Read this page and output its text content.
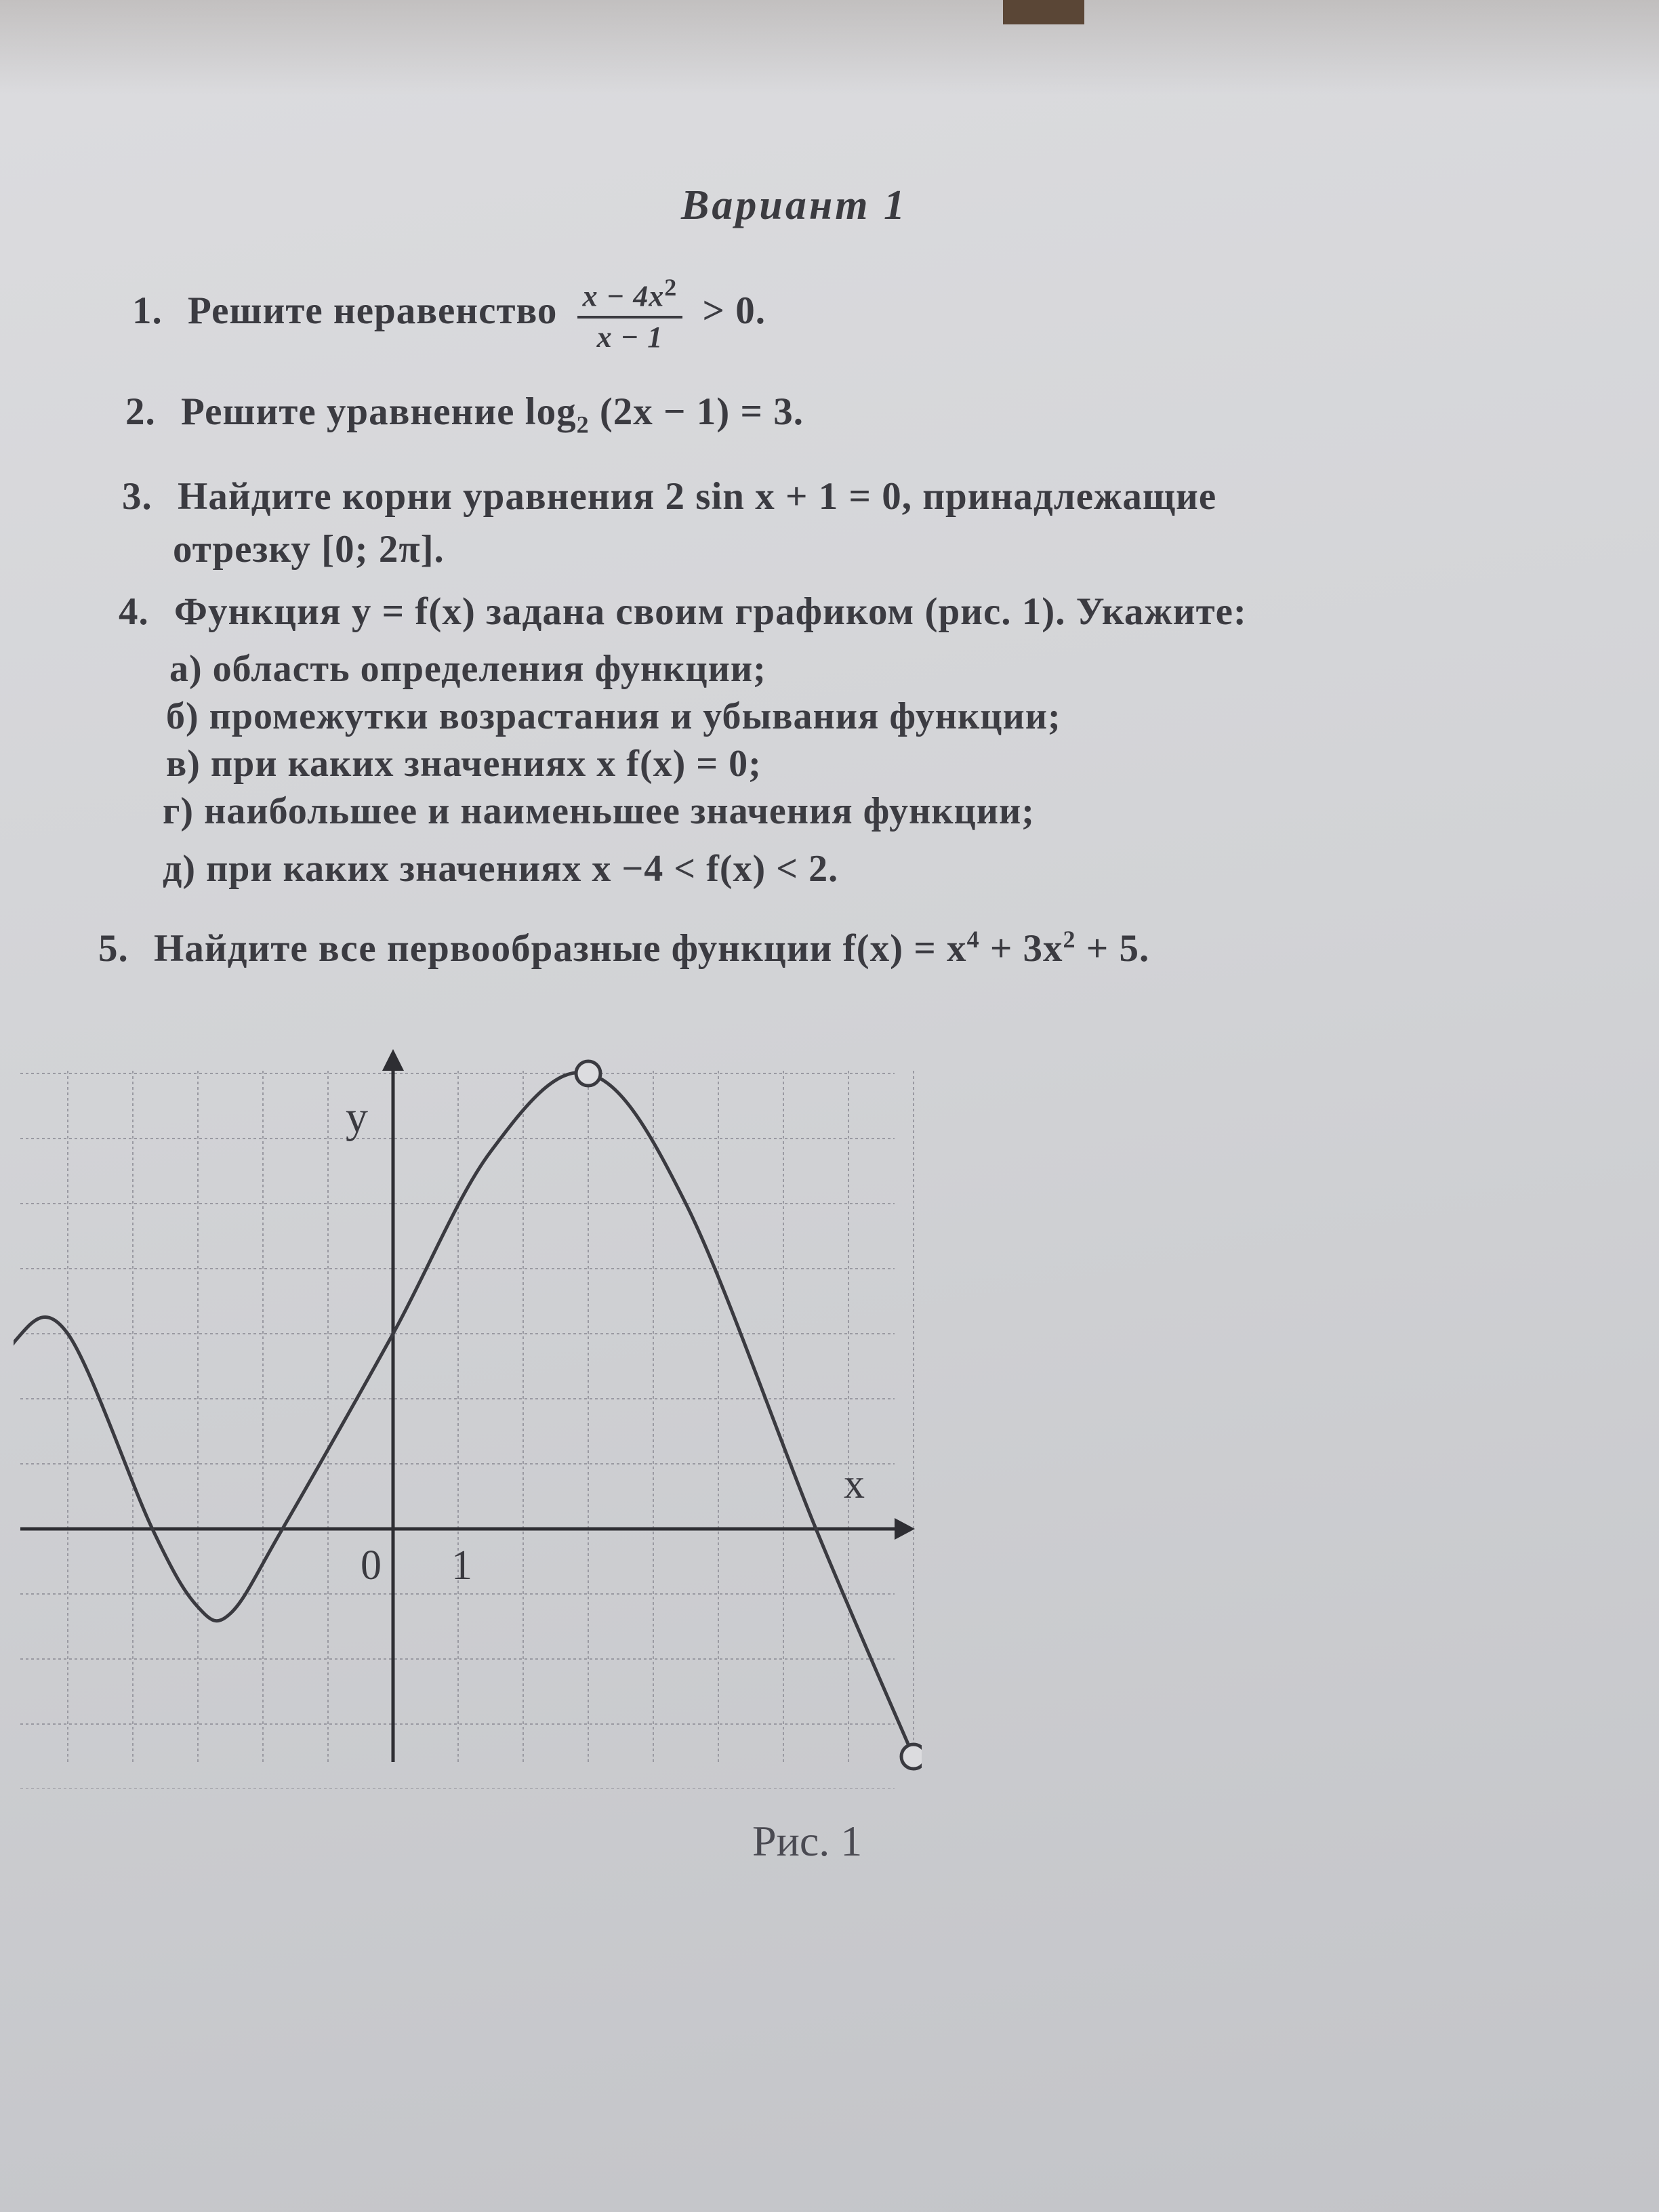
Вариант 1
1. Решите неравенство $\frac{x - 4x^2}{x - 1} > 0$.
2. Решите уравнение $\log_2 (2x - 1) = 3$.
3. Найдите корни уравнения 2 sin x + 1 = 0, принадлежащие
отрезку [0; 2π].
4. Функция y = f(x) задана своим графиком (рис. 1). Укажите:
а) область определения функции;
б) промежутки возрастания и убывания функции;
в) при каких значениях x f(x) = 0;
г) наибольшее и наименьшее значения функции;
д) при каких значениях x −4 < f(x) < 2.
5. Найдите все первообразные функции $f(x) = x^4 + 3x^2 + 5$.
y
x
0 1
Рис. 1
